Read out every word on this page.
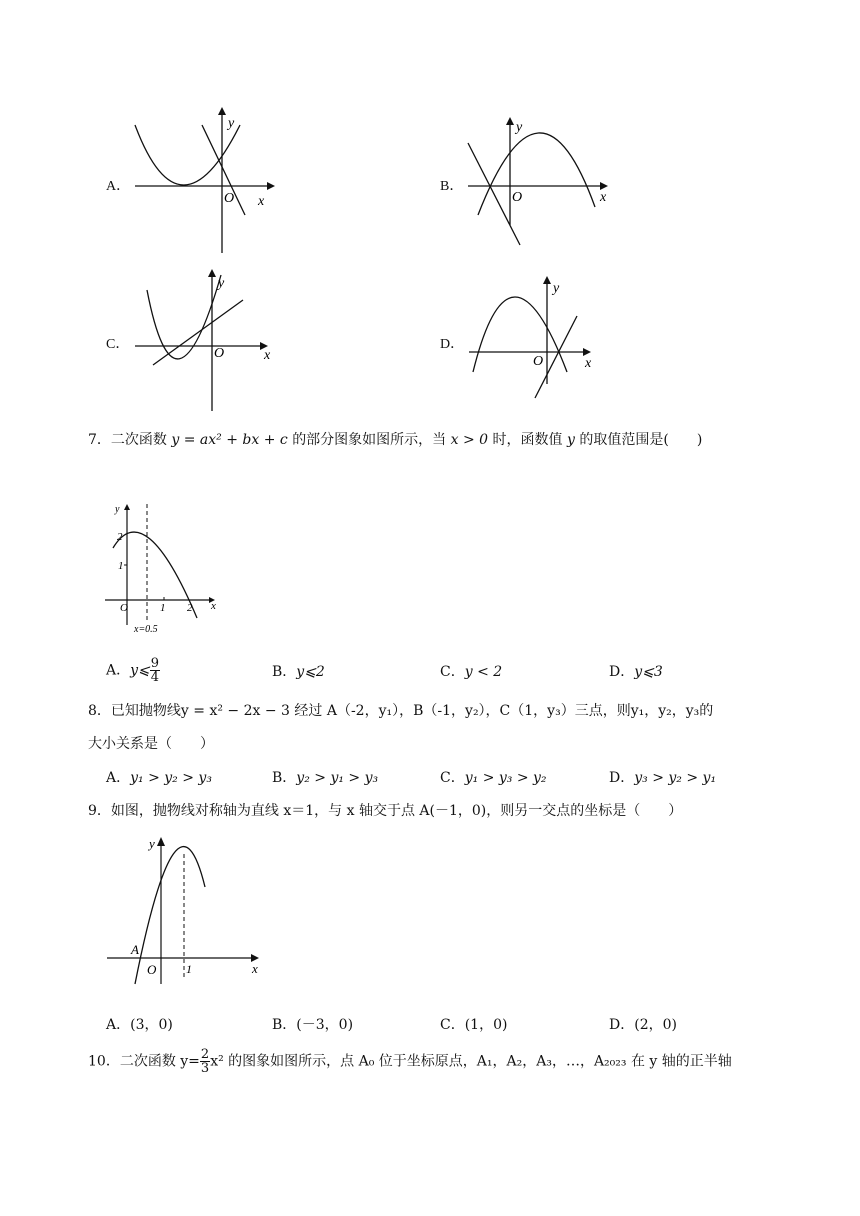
A．
y
x
O
B．
y
x
O
C．
y
x
O
D．
y
x
O
7．二次函数 y = ax² + bx + c 的部分图象如图所示，当 x > 0 时，函数值 y 的取值范围是(　　)
y
2
1
O	1 2 x
x=0.5
A．y⩽ $\frac{9}{4}$	B．y⩽2	C．y < 2	D．y⩽3
8．已知抛物线y = x² − 2x − 3 经过 A（-2，y₁），B（-1，y₂），C（1，y₃）三点，则y₁，y₂，y₃的
大小关系是（　　）
A．y₁ > y₂ > y₃	B．y₂ > y₁ > y₃	C．y₁ > y₃ > y₂	D．y₃ > y₂ > y₁
9．如图，抛物线对称轴为直线 x＝1，与 x 轴交于点 A(－1，0)，则另一交点的坐标是（　　）
y
A
O 1	x
A．(3，0)	B．(－3，0)	C．(1，0)	D．(2，0)
10．二次函数 $y= \frac{2}{3} x^2$ 的图象如图所示，点 A₀ 位于坐标原点，A₁，A₂，A₃，…，A₂₀₂₃ 在 y 轴的正半轴
